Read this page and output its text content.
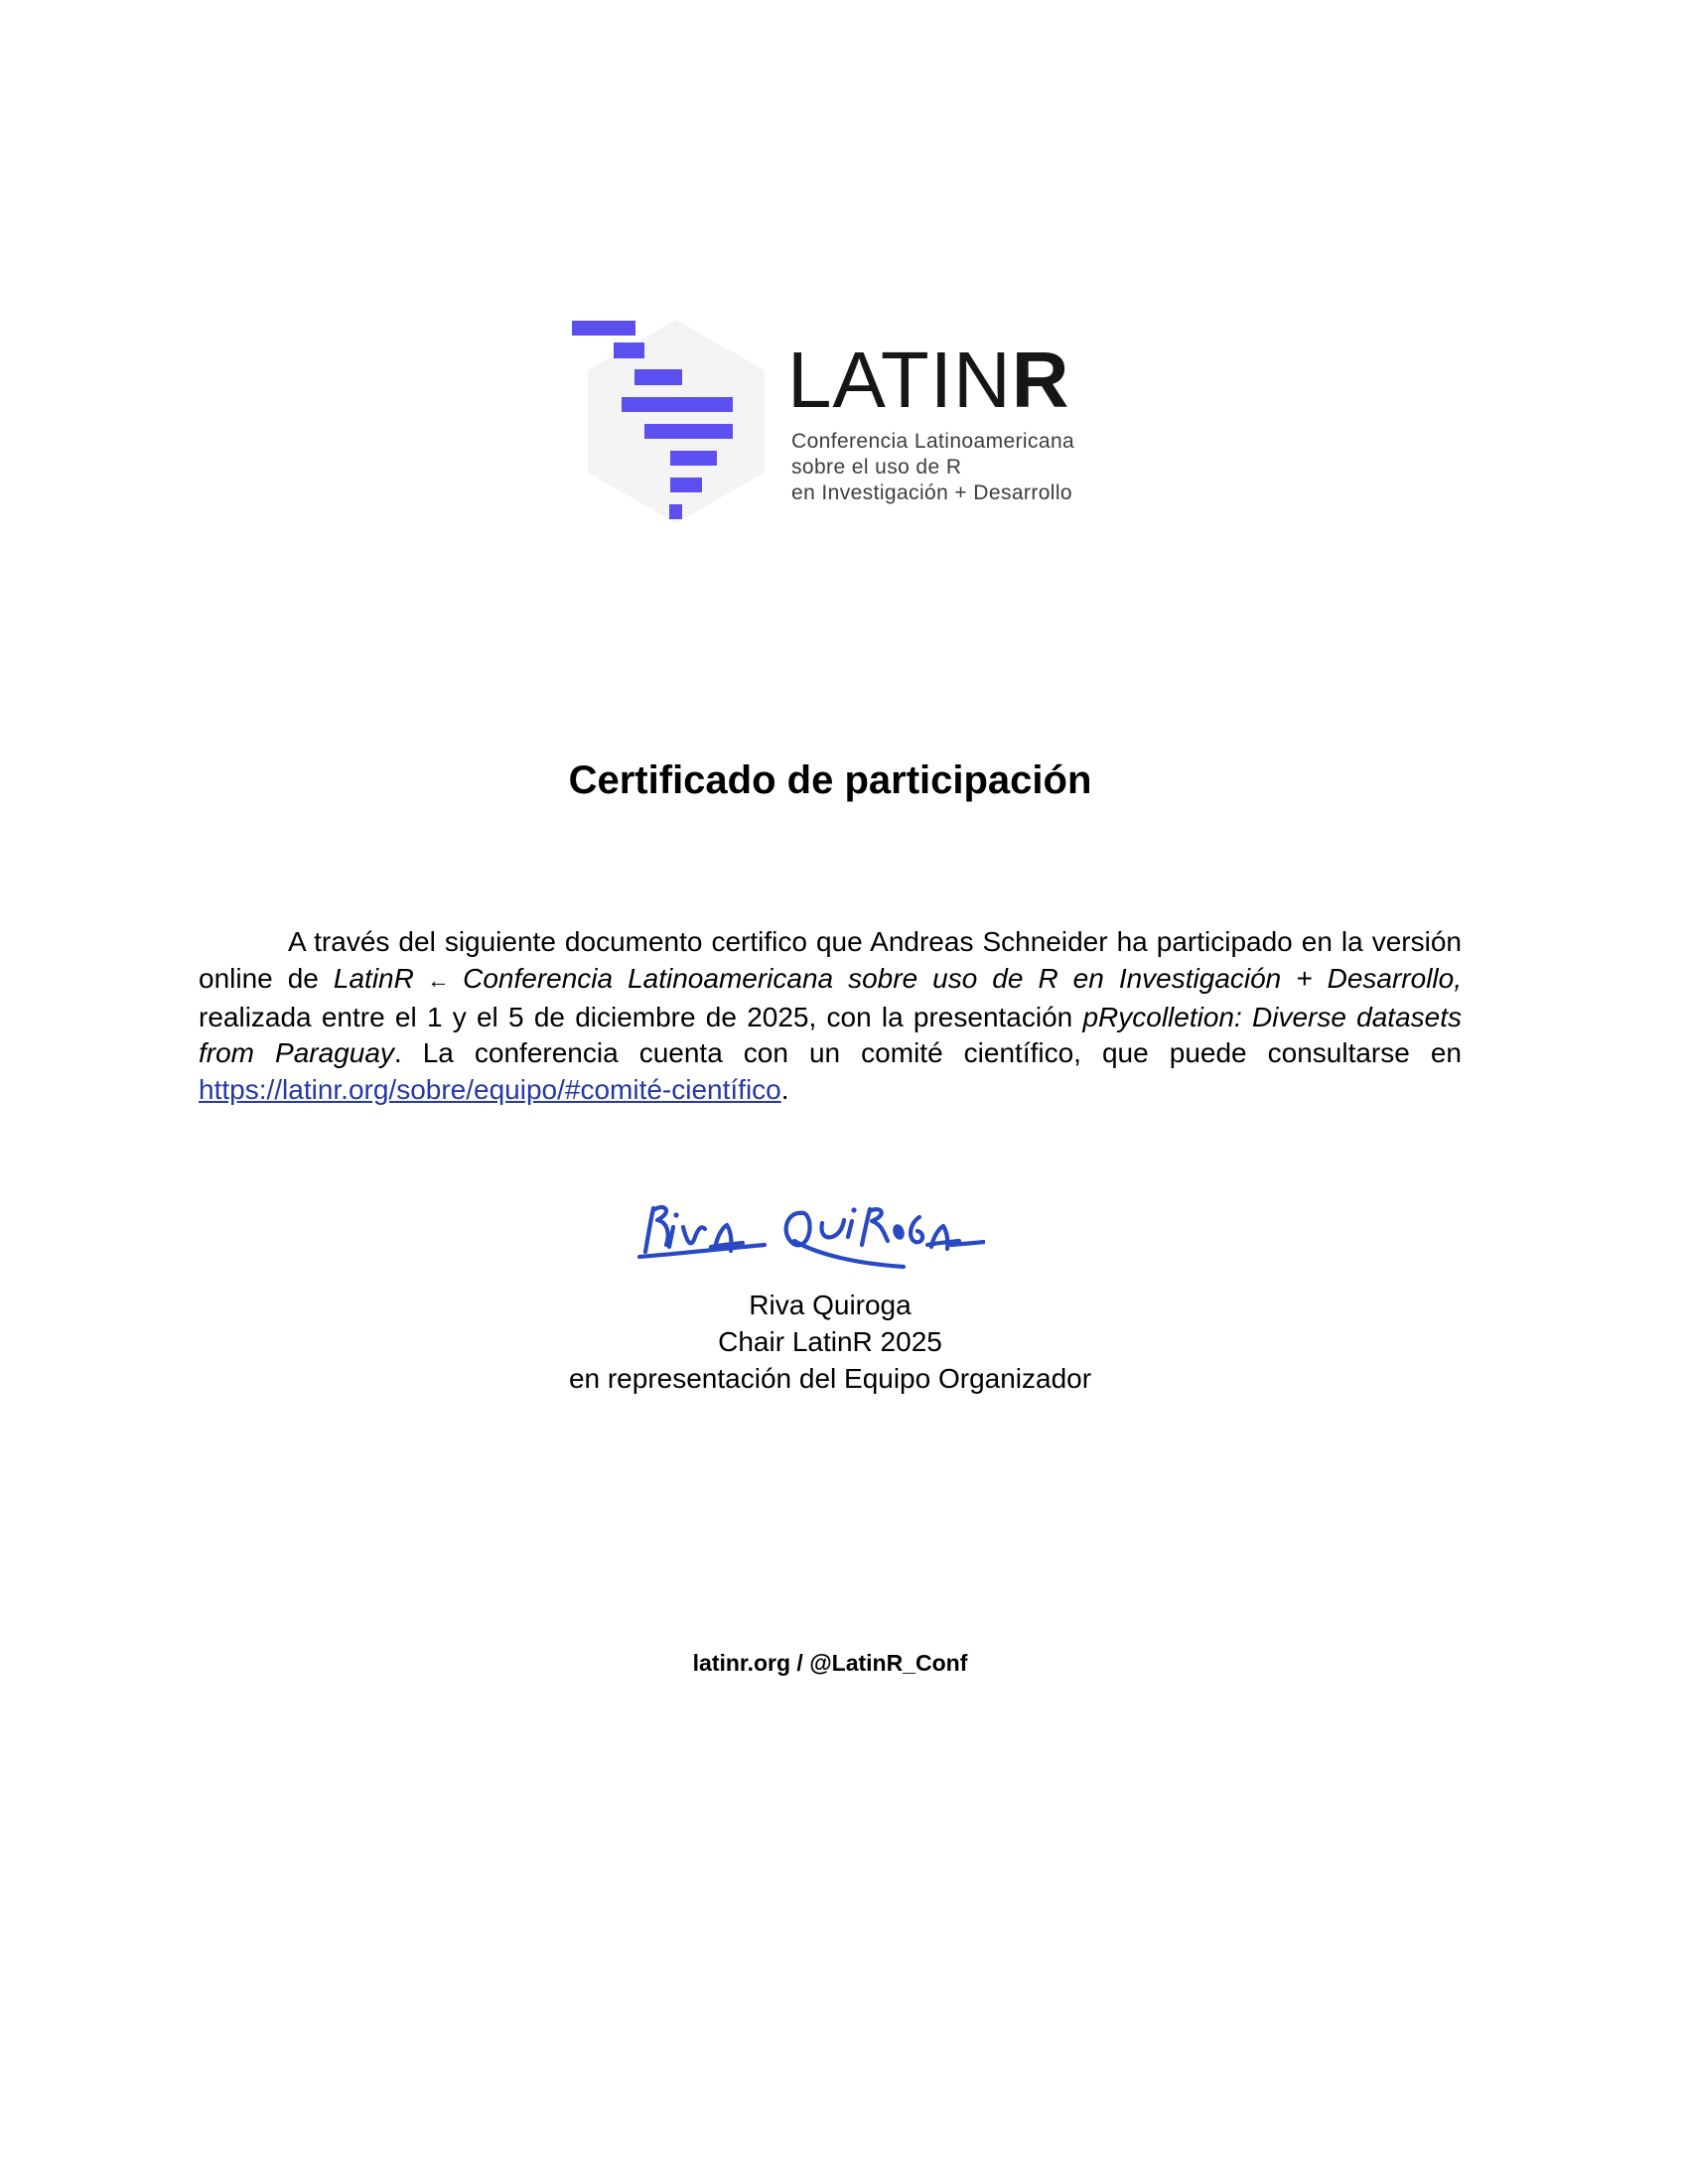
LATINR
Conferencia Latinoamericana
sobre el uso de R
en Investigación + Desarrollo
Certificado de participación

A través del siguiente documento certifico que Andreas Schneider ha participado en la versión online de LatinR ← Conferencia Latinoamericana sobre uso de R en Investigación + Desarrollo, realizada entre el 1 y el 5 de diciembre de 2025, con la presentación pRycolletion: Diverse datasets from Paraguay. La conferencia cuenta con un comité científico, que puede consultarse en https://latinr.org/sobre/equipo/#comité-científico.

Riva Quiroga
Chair LatinR 2025
en representación del Equipo Organizador
latinr.org / @LatinR_Conf
